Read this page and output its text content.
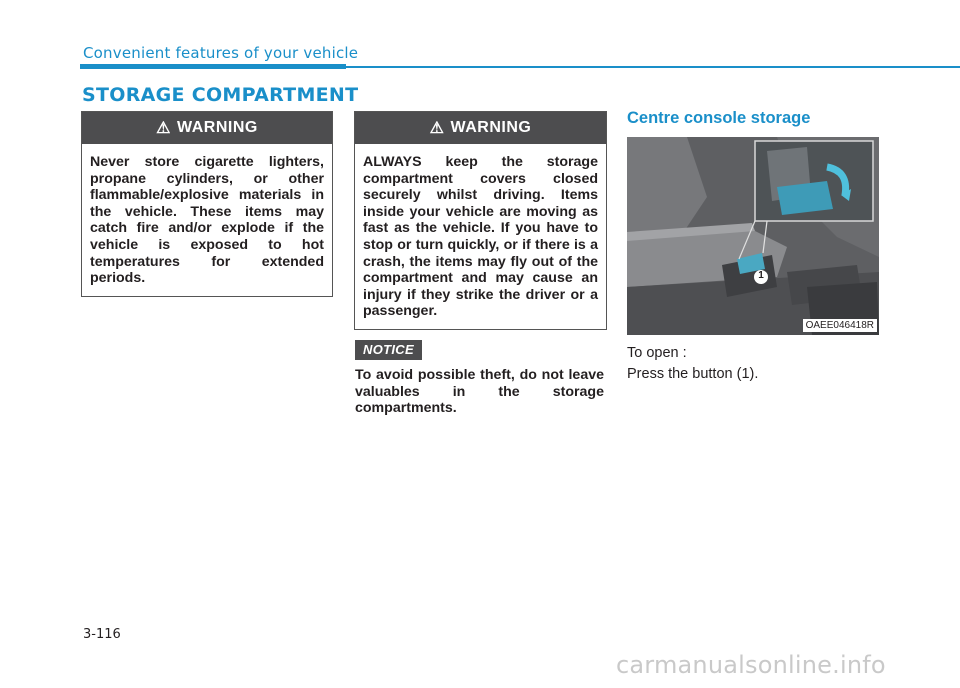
Convenient features of your vehicle
STORAGE COMPARTMENT
⚠ WARNING
Never store cigarette lighters, propane cylinders, or other flammable/explosive materials in the vehicle. These items may catch fire and/or explode if the vehicle is exposed to hot temperatures for extended periods.
⚠ WARNING
ALWAYS keep the storage compartment covers closed securely whilst driving. Items inside your vehicle are moving as fast as the vehicle. If you have to stop or turn quickly, or if there is a crash, the items may fly out of the compartment and may cause an injury if they strike the driver or a passenger.
NOTICE
To avoid possible theft, do not leave valuables in the storage compartments.
Centre console storage
1
OAEE046418R
To open :
Press the button (1).
3-116
carmanualsonline.info
